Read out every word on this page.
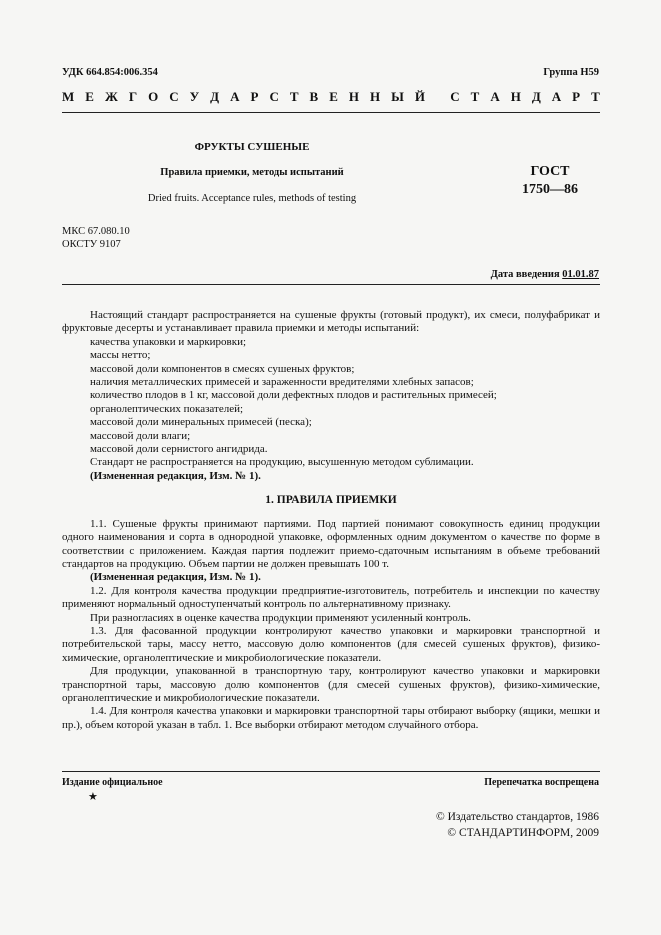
УДК 664.854:006.354	Группа Н59
М Е Ж Г О С У Д А Р С Т В Е Н Н Ы Й
С Т А Н Д А Р Т
ФРУКТЫ СУШЕНЫЕ
Правила приемки, методы испытаний
Dried fruits. Acceptance rules, methods of testing
ГОСТ
1750—86
МКС 67.080.10
ОКСТУ 9107
Дата введения 01.01.87

Настоящий стандарт распространяется на сушеные фрукты (готовый продукт), их смеси, полуфабрикат и фруктовые десерты и устанавливает правила приемки и методы испытаний:

качества упаковки и маркировки;
массы нетто;
массовой доли компонентов в смесях сушеных фруктов;
наличия металлических примесей и зараженности вредителями хлебных запасов;
количество плодов в 1 кг, массовой доли дефектных плодов и растительных примесей;
органолептических показателей;
массовой доли минеральных примесей (песка);
массовой доли влаги;
массовой доли сернистого ангидрида.

Стандарт не распространяется на продукцию, высушенную методом сублимации.

(Измененная редакция, Изм. № 1).

1. ПРАВИЛА ПРИЕМКИ

1.1. Сушеные фрукты принимают партиями. Под партией понимают совокупность единиц продукции одного наименования и сорта в однородной упаковке, оформленных одним документом о качестве по форме в соответствии с приложением. Каждая партия подлежит приемо-сдаточным испытаниям в объеме требований стандартов на продукцию. Объем партии не должен превышать 100 т.

(Измененная редакция, Изм. № 1).

1.2. Для контроля качества продукции предприятие-изготовитель, потребитель и инспекции по качеству применяют нормальный одноступенчатый контроль по альтернативному признаку.

При разногласиях в оценке качества продукции применяют усиленный контроль.

1.3. Для фасованной продукции контролируют качество упаковки и маркировки транспортной и потребительской тары, массу нетто, массовую долю компонентов (для смесей сушеных фруктов), физико-химические, органолептические и микробиологические показатели.

Для продукции, упакованной в транспортную тару, контролируют качество упаковки и маркировки транспортной тары, массовую долю компонентов (для смесей сушеных фруктов), физико-химические, органолептические и микробиологические показатели.

1.4. Для контроля качества упаковки и маркировки транспортной тары отбирают выборку (ящики, мешки и пр.), объем которой указан в табл. 1. Все выборки отбирают методом случайного отбора.

Издание официальное
★
Перепечатка воспрещена
© Издательство стандартов, 1986
© СТАНДАРТИНФОРМ, 2009
